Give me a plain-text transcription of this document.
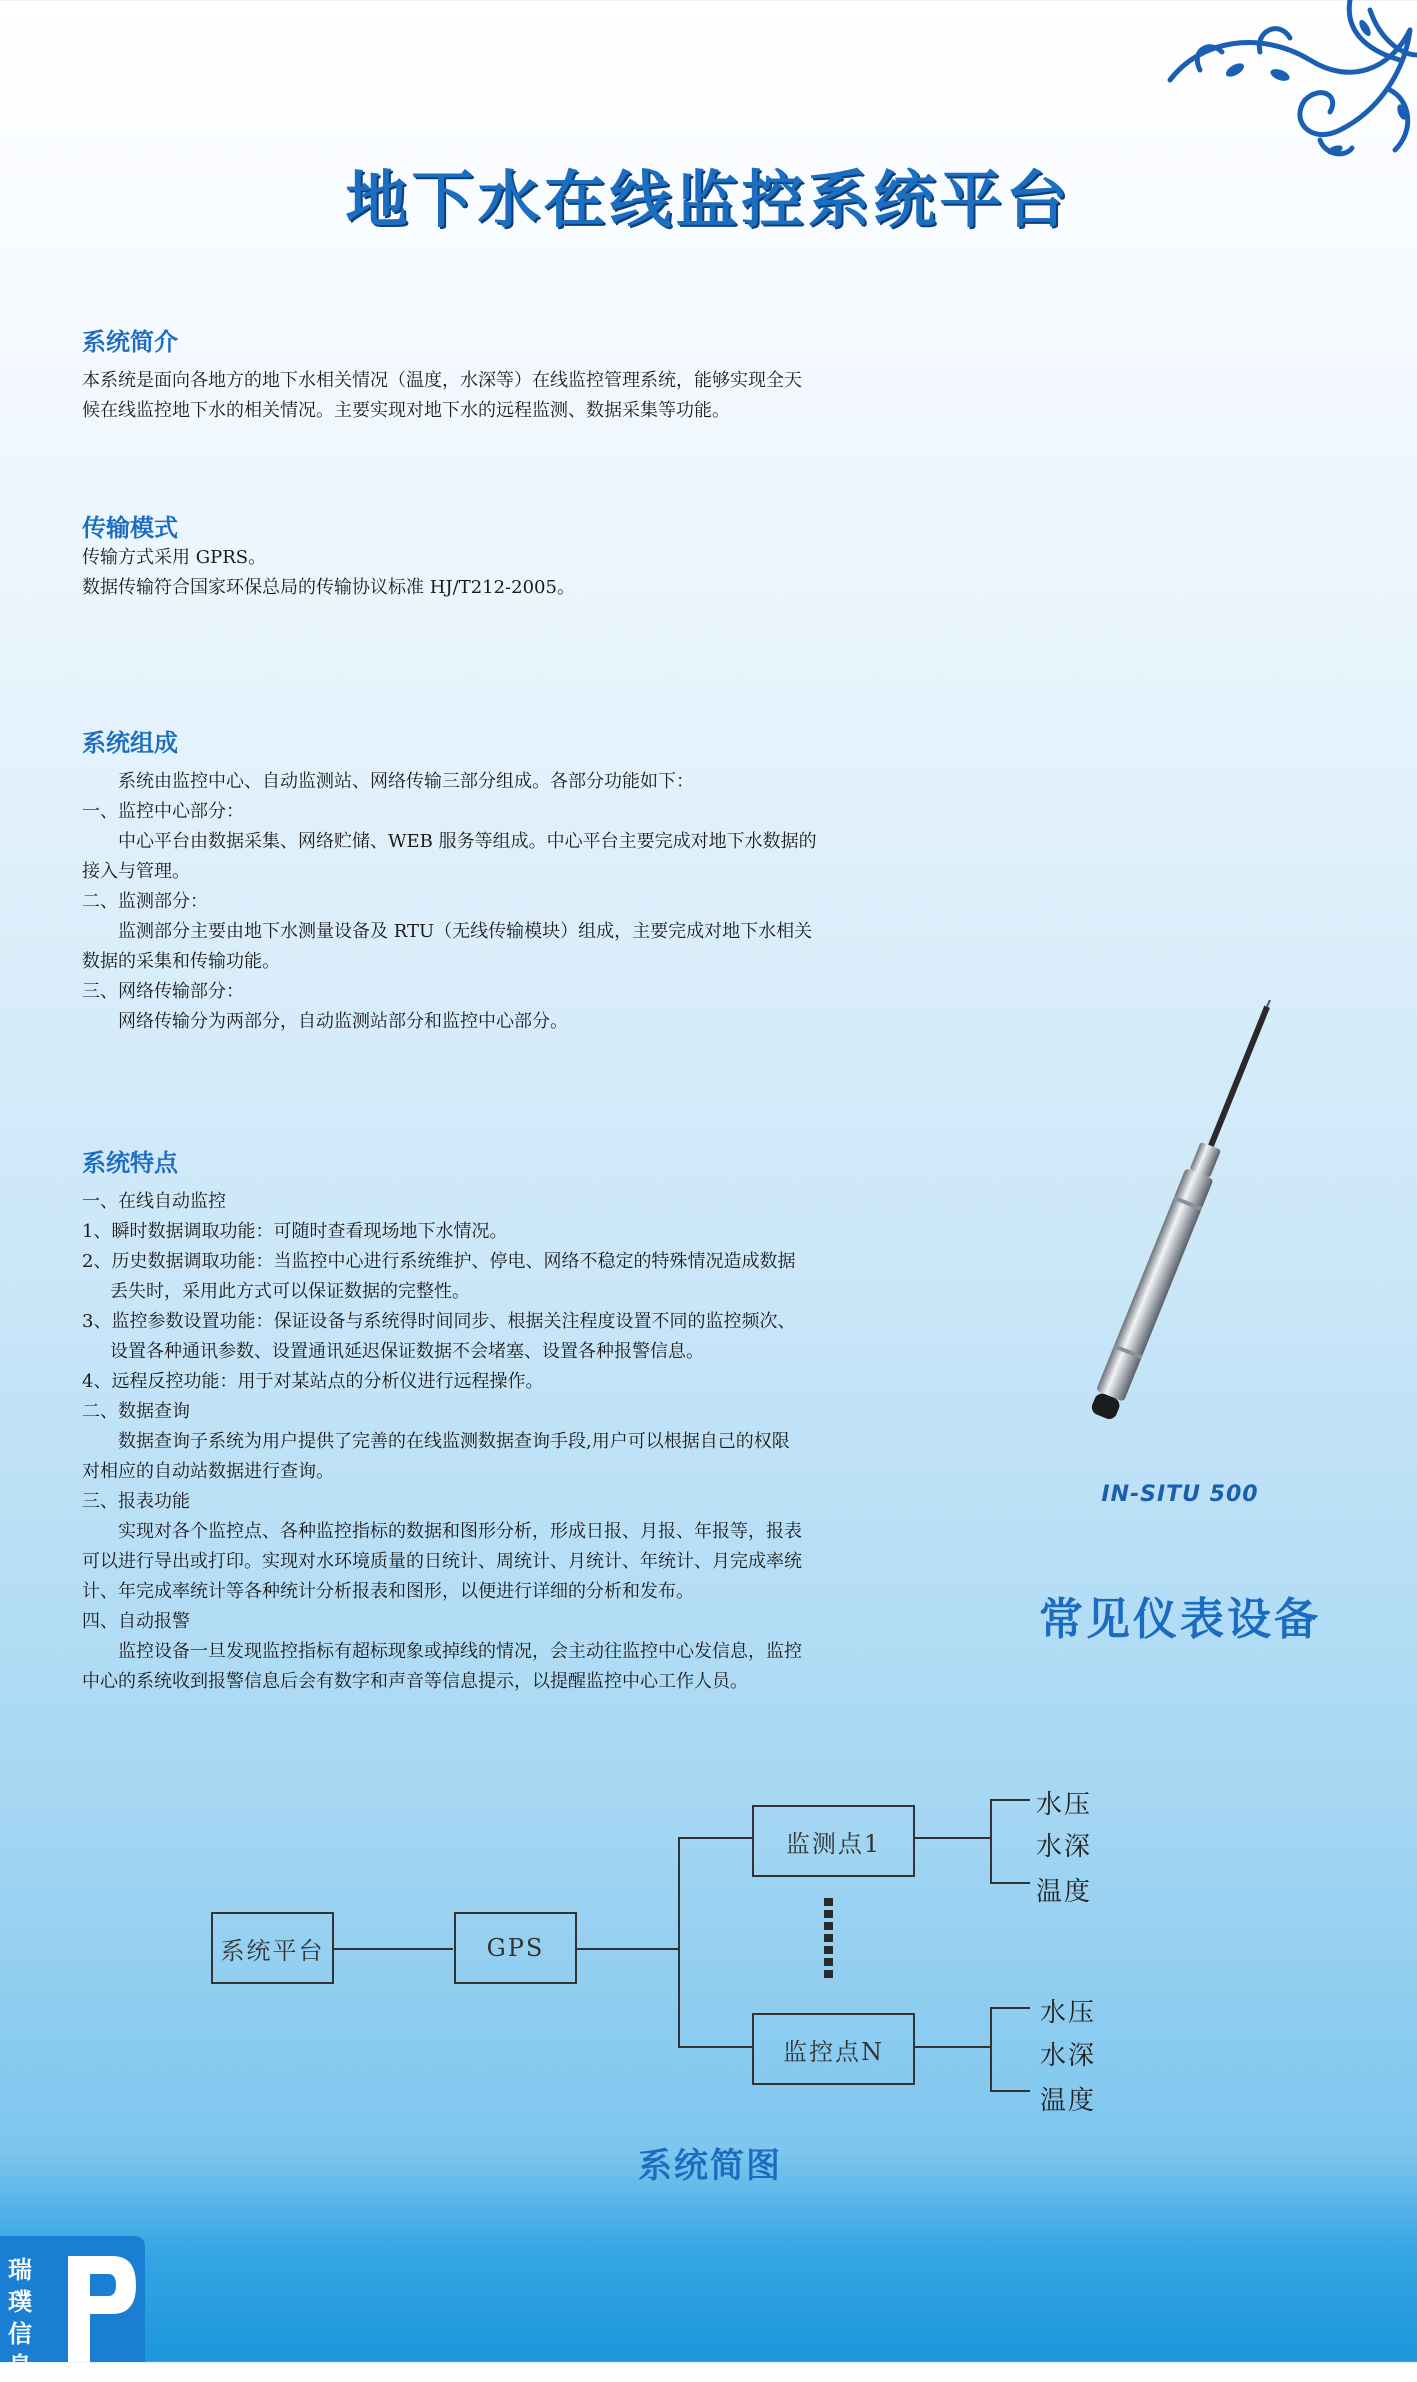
地下水在线监控系统平台
系统简介
本系统是面向各地方的地下水相关情况（温度，水深等）在线监控管理系统，能够实现全天
候在线监控地下水的相关情况。主要实现对地下水的远程监测、数据采集等功能。
传输模式
传输方式采用 GPRS。
数据传输符合国家环保总局的传输协议标准 HJ/T212-2005。
系统组成
系统由监控中心、自动监测站、网络传输三部分组成。各部分功能如下：
一、监控中心部分：
中心平台由数据采集、网络贮储、WEB 服务等组成。中心平台主要完成对地下水数据的
接入与管理。
二、监测部分：
监测部分主要由地下水测量设备及 RTU（无线传输模块）组成，主要完成对地下水相关
数据的采集和传输功能。
三、网络传输部分：
网络传输分为两部分，自动监测站部分和监控中心部分。
系统特点
一、在线自动监控
1、瞬时数据调取功能：可随时查看现场地下水情况。
2、历史数据调取功能：当监控中心进行系统维护、停电、网络不稳定的特殊情况造成数据
丢失时，采用此方式可以保证数据的完整性。
3、监控参数设置功能：保证设备与系统得时间同步、根据关注程度设置不同的监控频次、
设置各种通讯参数、设置通讯延迟保证数据不会堵塞、设置各种报警信息。
4、远程反控功能：用于对某站点的分析仪进行远程操作。
二、数据查询
数据查询子系统为用户提供了完善的在线监测数据查询手段,用户可以根据自己的权限
对相应的自动站数据进行查询。
三、报表功能
实现对各个监控点、各种监控指标的数据和图形分析，形成日报、月报、年报等，报表
可以进行导出或打印。实现对水环境质量的日统计、周统计、月统计、年统计、月完成率统
计、年完成率统计等各种统计分析报表和图形，以便进行详细的分析和发布。
四、自动报警
监控设备一旦发现监控指标有超标现象或掉线的情况，会主动往监控中心发信息，监控
中心的系统收到报警信息后会有数字和声音等信息提示，以提醒监控中心工作人员。
IN-SITU 500
常见仪表设备
系统平台	GPS
监测点1
监控点N
水压
水深
温度
水压
水深
温度
系统简图
瑞
璞
信
息
